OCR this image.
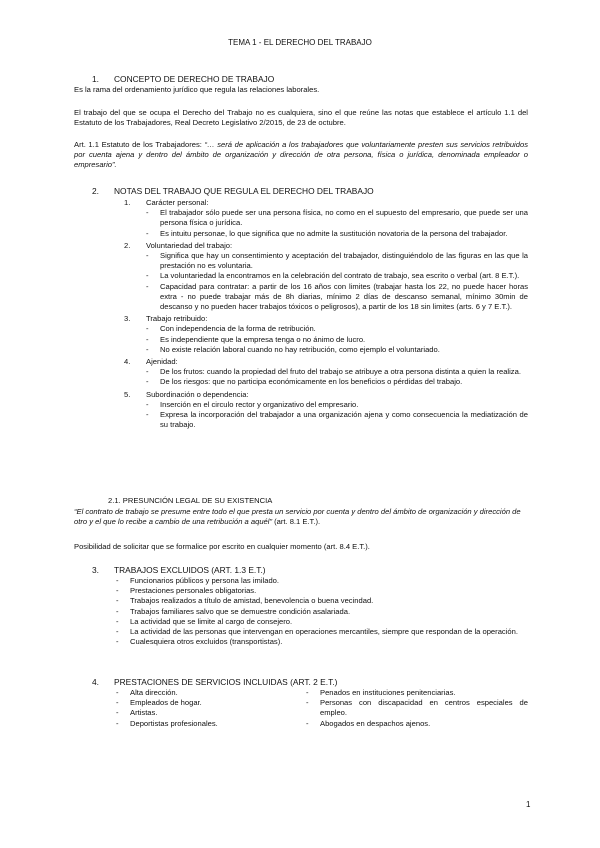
TEMA 1 - EL DERECHO DEL TRABAJO
1. CONCEPTO DE DERECHO DE TRABAJO
Es la rama del ordenamiento jurídico que regula las relaciones laborales.
El trabajo del que se ocupa el Derecho del Trabajo no es cualquiera, sino el que reúne las notas que establece el artículo 1.1 del Estatuto de los Trabajadores, Real Decreto Legislativo 2/2015, de 23 de octubre.
Art. 1.1 Estatuto de los Trabajadores: “… será de aplicación a los trabajadores que voluntariamente presten sus servicios retribuidos por cuenta ajena y dentro del ámbito de organización y dirección de otra persona, física o jurídica, denominada empleador o empresario”.
2. NOTAS DEL TRABAJO QUE REGULA EL DERECHO DEL TRABAJO
1. Carácter personal:
- El trabajador sólo puede ser una persona física, no como en el supuesto del empresario, que puede ser una persona física o jurídica.
- Es intuitu personae, lo que significa que no admite la sustitución novatoria de la persona del trabajador.
2. Voluntariedad del trabajo:
- Significa que hay un consentimiento y aceptación del trabajador, distinguiéndolo de las figuras en las que la prestación no es voluntaria.
- La voluntariedad la encontramos en la celebración del contrato de trabajo, sea escrito o verbal (art. 8 E.T.).
- Capacidad para contratar: a partir de los 16 años con limites (trabajar hasta los 22, no puede hacer horas extra - no puede trabajar más de 8h diarias, mínimo 2 días de descanso semanal, mínimo 30min de descanso y no pueden hacer trabajos tóxicos o peligrosos), a partir de los 18 sin limites (arts. 6 y 7 E.T.).
3. Trabajo retribuido:
- Con independencia de la forma de retribución.
- Es independiente que la empresa tenga o no ánimo de lucro.
- No existe relación laboral cuando no hay retribución, como ejemplo el voluntariado.
4. Ajenidad:
- De los frutos: cuando la propiedad del fruto del trabajo se atribuye a otra persona distinta a quien la realiza.
- De los riesgos: que no participa económicamente en los beneficios o pérdidas del trabajo.
5. Subordinación o dependencia:
- Inserción en el circulo rector y organizativo del empresario.
- Expresa la incorporación del trabajador a una organización ajena y como consecuencia la mediatización de su trabajo.
2.1. PRESUNCIÓN LEGAL DE SU EXISTENCIA
“El contrato de trabajo se presume entre todo el que presta un servicio por cuenta y dentro del ámbito de organización y dirección de otro y el que lo recibe a cambio de una retribución a aquél” (art. 8.1 E.T.).
Posibilidad de solicitar que se formalice por escrito en cualquier momento (art. 8.4 E.T.).
3. TRABAJOS EXCLUIDOS (ART. 1.3 E.T.)
- Funcionarios públicos y persona las imilado.
- Prestaciones personales obligatorias.
- Trabajos realizados a título de amistad, benevolencia o buena vecindad.
- Trabajos familiares salvo que se demuestre condición asalariada.
- La actividad que se limite al cargo de consejero.
- La actividad de las personas que intervengan en operaciones mercantiles, siempre que respondan de la operación.
- Cualesquiera otros excluidos (transportistas).
4. PRESTACIONES DE SERVICIOS INCLUIDAS (ART. 2 E.T.)
- Alta dirección.
- Empleados de hogar.
- Artistas.
- Deportistas profesionales.
- Penados en instituciones penitenciarias.
- Personas con discapacidad en centros especiales de empleo.
- Abogados en despachos ajenos.
1
